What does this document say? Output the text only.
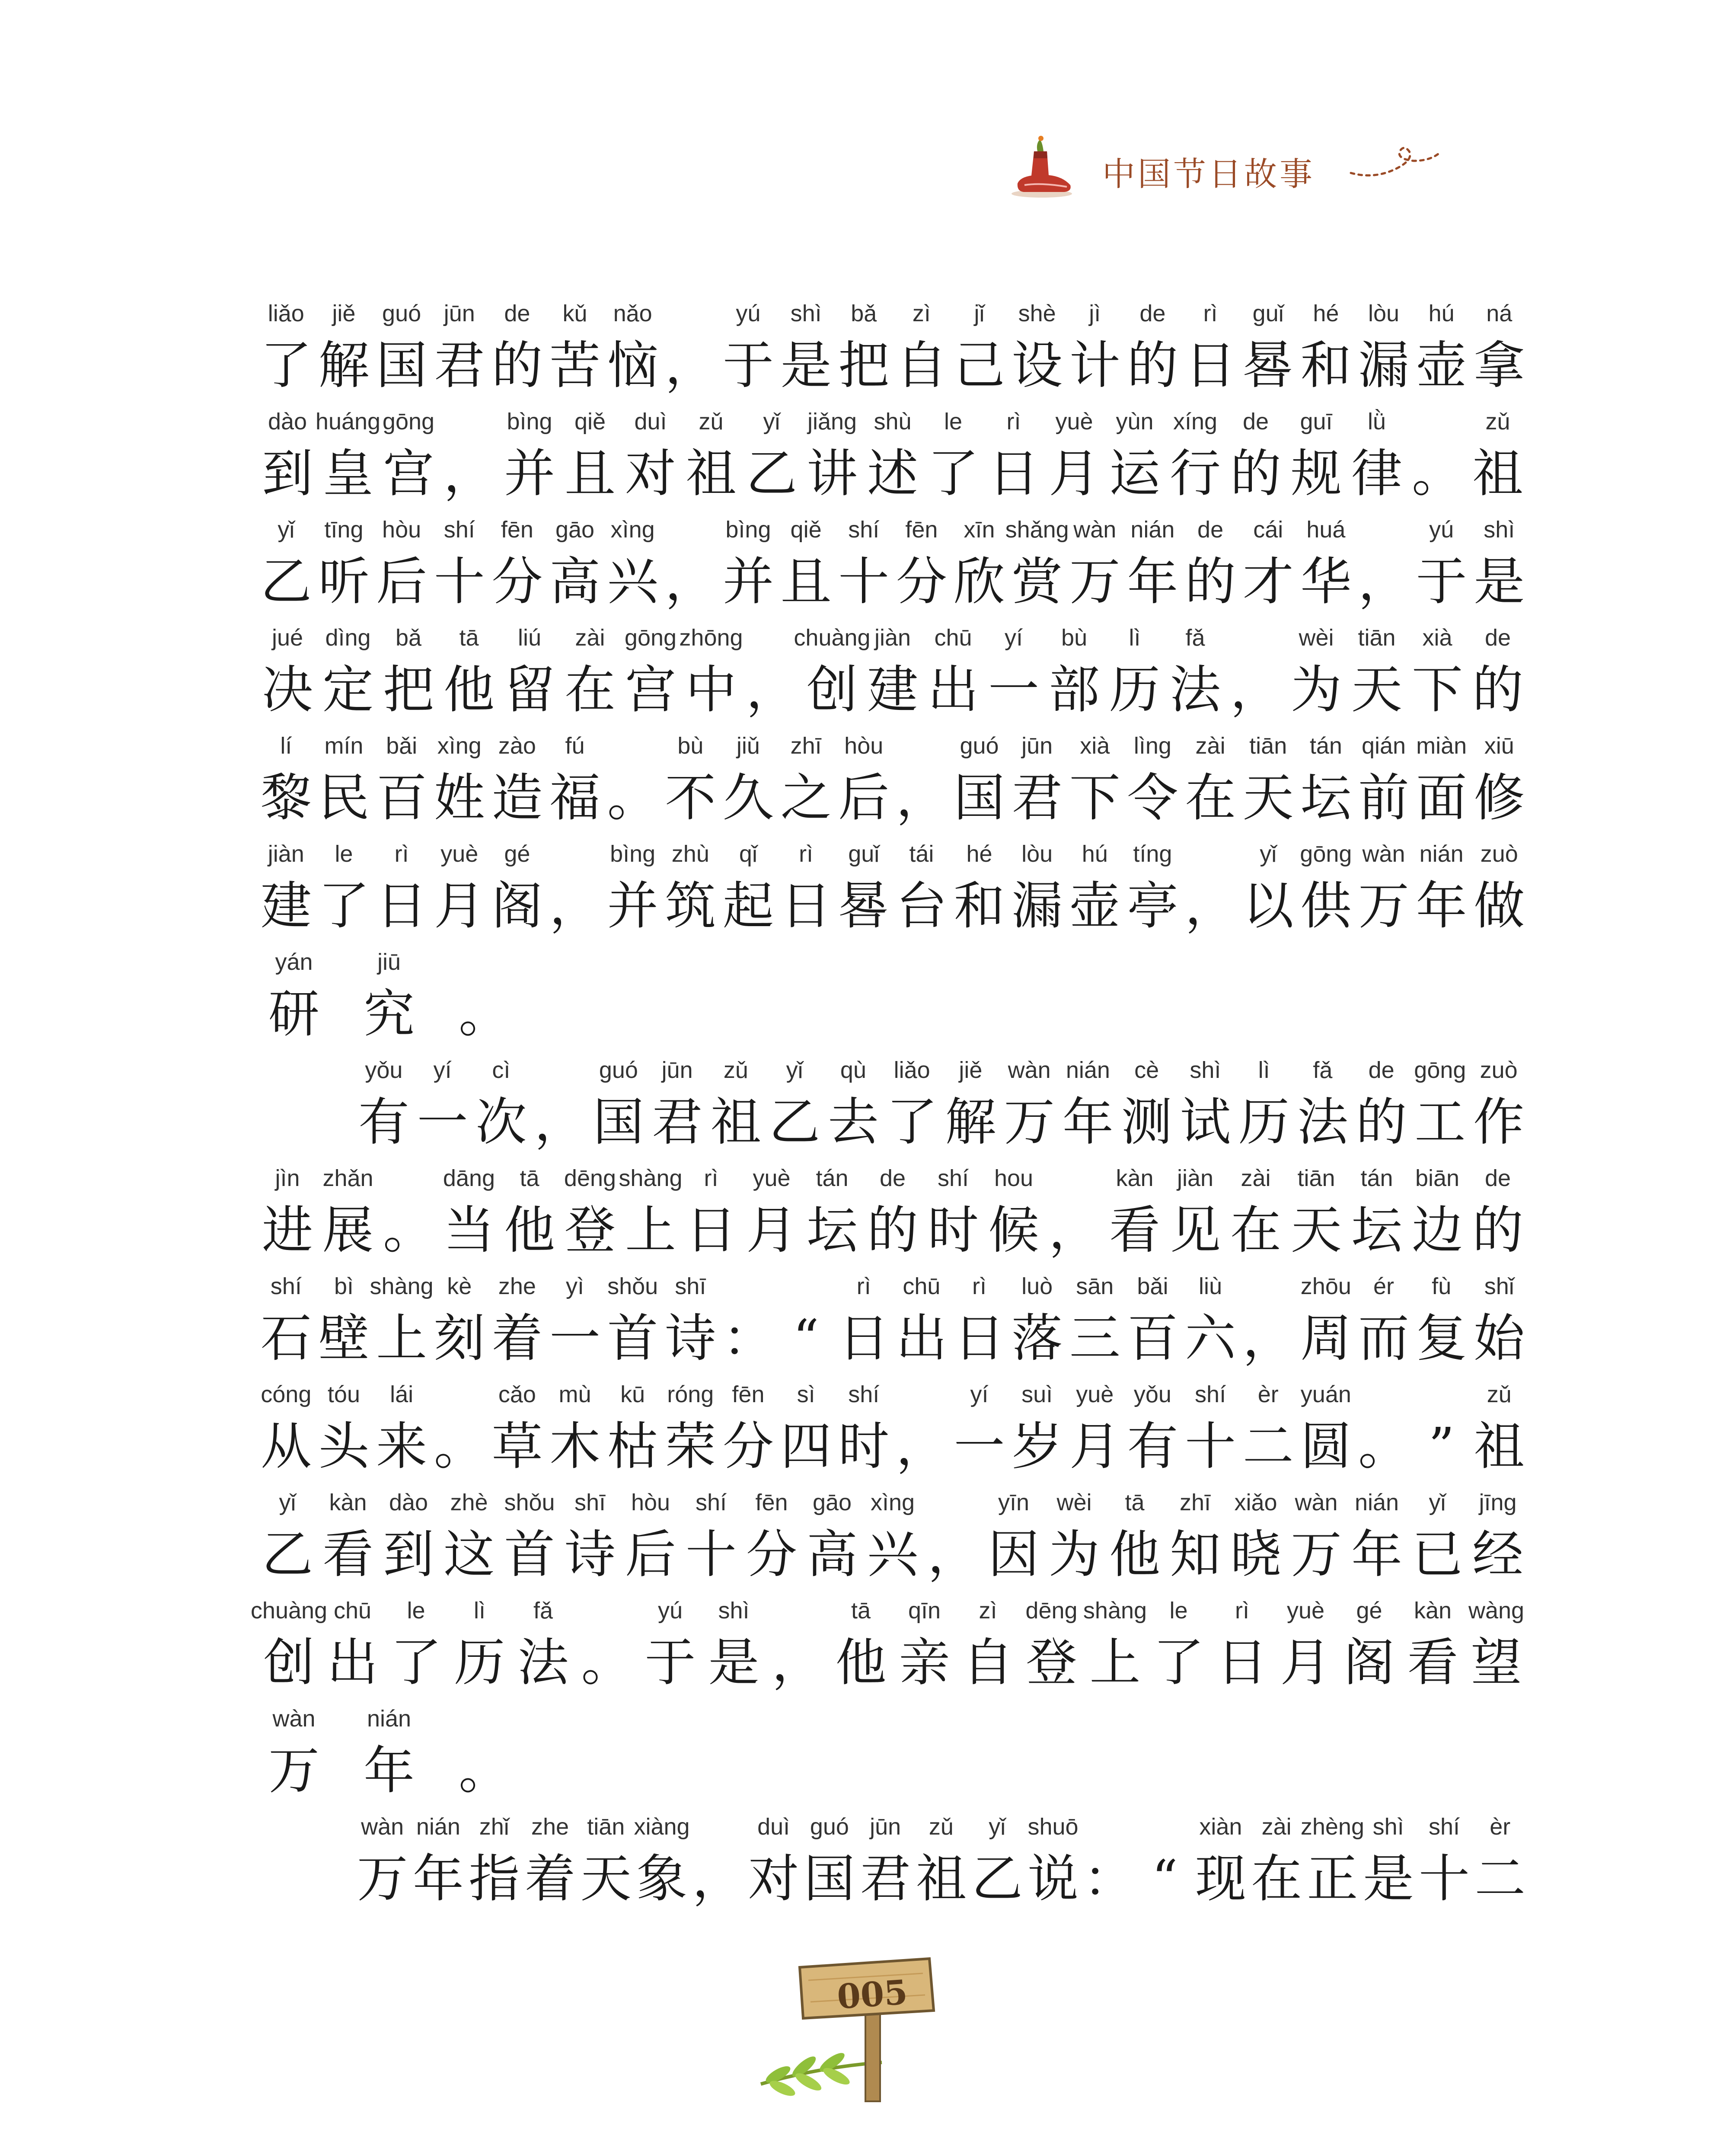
中国节日故事
liǎo
了
jiě
解
guó
国
jūn
君
de
的
kǔ
苦
nǎo
恼 ，
yú
于
shì
是
bǎ
把
zì
自
jǐ
己
shè
设
jì
计
de
的
rì
日
guǐ
晷
hé
和
lòu
漏
hú
壶
ná
拿
dào
到
huáng
皇
gōng
宫 ，
bìng
并
qiě
且
duì
对
zǔ
祖
yǐ
乙
jiǎng
讲
shù
述
le
了
rì
日
yuè
月
yùn
运
xíng
行
de
的
guī
规
lǜ
律 。
zǔ
祖
yǐ
乙
tīng
听
hòu
后
shí
十
fēn
分
gāo
高
xìng
兴 ，
bìng
并
qiě
且
shí
十
fēn
分
xīn
欣
shǎng
赏
wàn
万
nián
年
de
的
cái
才
huá
华 ，
yú
于
shì
是
jué
决
dìng
定
bǎ
把
tā
他
liú
留
zài
在
gōng
宫
zhōng
中 ，
chuàng
创
jiàn
建
chū
出
yí
一
bù
部
lì
历
fǎ
法 ，
wèi
为
tiān
天
xià
下
de
的
lí
黎
mín
民
bǎi
百
xìng
姓
zào
造
fú
福 。
bù
不
jiǔ
久
zhī
之
hòu
后 ，
guó
国
jūn
君
xià
下
lìng
令
zài
在
tiān
天
tán
坛
qián
前
miàn
面
xiū
修
jiàn
建
le
了
rì
日
yuè
月
gé
阁 ，
bìng
并
zhù
筑
qǐ
起
rì
日
guǐ
晷
tái
台
hé
和
lòu
漏
hú
壶
tíng
亭 ，
yǐ
以
gōng
供
wàn
万
nián
年
zuò
做
yán
研
jiū
究 。
yǒu
有
yí
一
cì
次 ，
guó
国
jūn
君
zǔ
祖
yǐ
乙
qù
去
liǎo
了
jiě
解
wàn
万
nián
年
cè
测
shì
试
lì
历
fǎ
法
de
的
gōng
工
zuò
作
jìn
进
zhǎn
展 。
dāng
当
tā
他
dēng
登
shàng
上
rì
日
yuè
月
tán
坛
de
的
shí
时
hou
候 ，
kàn
看
jiàn
见
zài
在
tiān
天
tán
坛
biān
边
de
的
shí
石
bì
壁
shàng
上
kè
刻
zhe
着
yì
一
shǒu
首
shī
诗 ： “
rì
日
chū
出
rì
日
luò
落
sān
三
bǎi
百
liù
六 ，
zhōu
周
ér
而
fù
复
shǐ
始
cóng
从
tóu
头
lái
来 。
cǎo
草
mù
木
kū
枯
róng
荣
fēn
分
sì
四
shí
时 ，
yí
一
suì
岁
yuè
月
yǒu
有
shí
十
èr
二
yuán
圆 。 ”
zǔ
祖
yǐ
乙
kàn
看
dào
到
zhè
这
shǒu
首
shī
诗
hòu
后
shí
十
fēn
分
gāo
高
xìng
兴 ，
yīn
因
wèi
为
tā
他
zhī
知
xiǎo
晓
wàn
万
nián
年
yǐ
已
jīng
经
chuàng
创
chū
出
le
了
lì
历
fǎ
法 。
yú
于
shì
是 ，
tā
他
qīn
亲
zì
自
dēng
登
shàng
上
le
了
rì
日
yuè
月
gé
阁
kàn
看
wàng
望
wàn
万
nián
年 。
wàn
万
nián
年
zhǐ
指
zhe
着
tiān
天
xiàng
象 ，
duì
对
guó
国
jūn
君
zǔ
祖
yǐ
乙
shuō
说 ： “
xiàn
现
zài
在
zhèng
正
shì
是
shí
十
èr
二
005
